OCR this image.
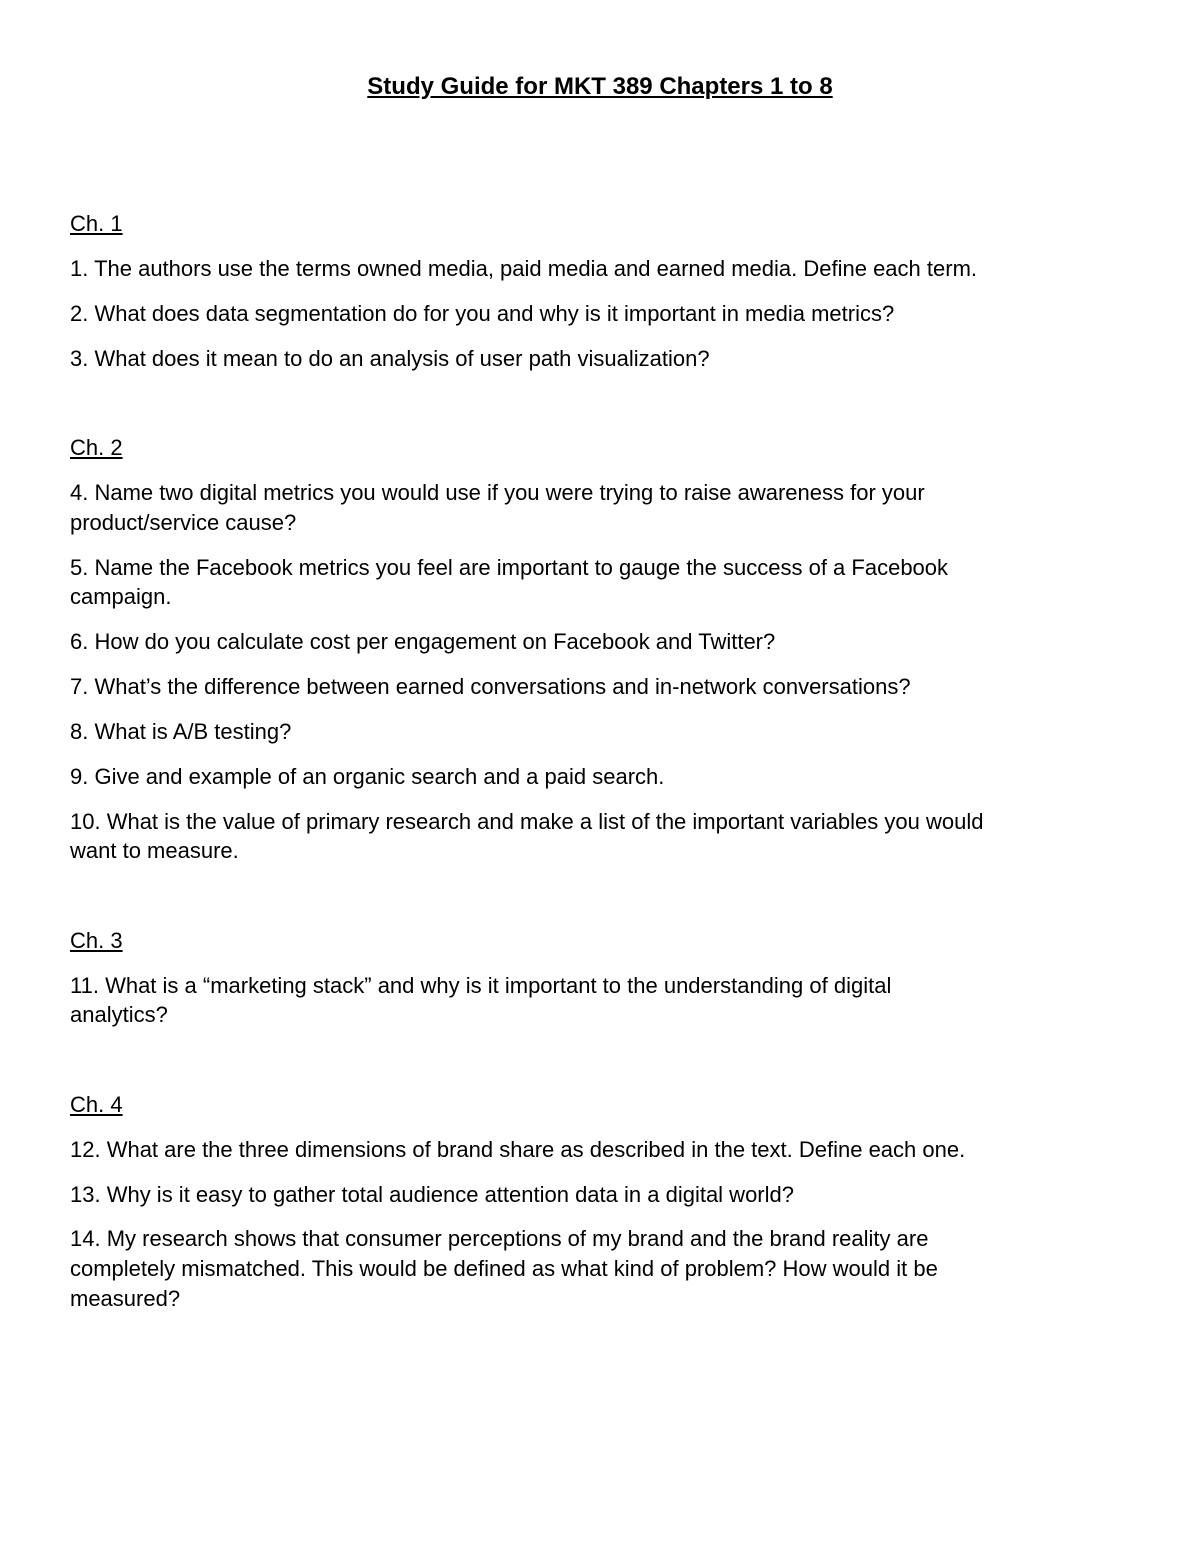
Study Guide for MKT 389 Chapters 1 to 8

Ch. 1

1. The authors use the terms owned media, paid media and earned media. Define each term.

2. What does data segmentation do for you and why is it important in media metrics?

3. What does it mean to do an analysis of user path visualization?

Ch. 2

4. Name two digital metrics you would use if you were trying to raise awareness for your

product/service cause?

5. Name the Facebook metrics you feel are important to gauge the success of a Facebook

campaign.

6. How do you calculate cost per engagement on Facebook and Twitter?

7. What’s the difference between earned conversations and in-network conversations?

8. What is A/B testing?

9. Give and example of an organic search and a paid search.

10. What is the value of primary research and make a list of the important variables you would

want to measure.

Ch. 3

11. What is a “marketing stack” and why is it important to the understanding of digital

analytics?

Ch. 4

12. What are the three dimensions of brand share as described in the text. Define each one.

13. Why is it easy to gather total audience attention data in a digital world?

14. My research shows that consumer perceptions of my brand and the brand reality are

completely mismatched. This would be defined as what kind of problem? How would it be

measured?
